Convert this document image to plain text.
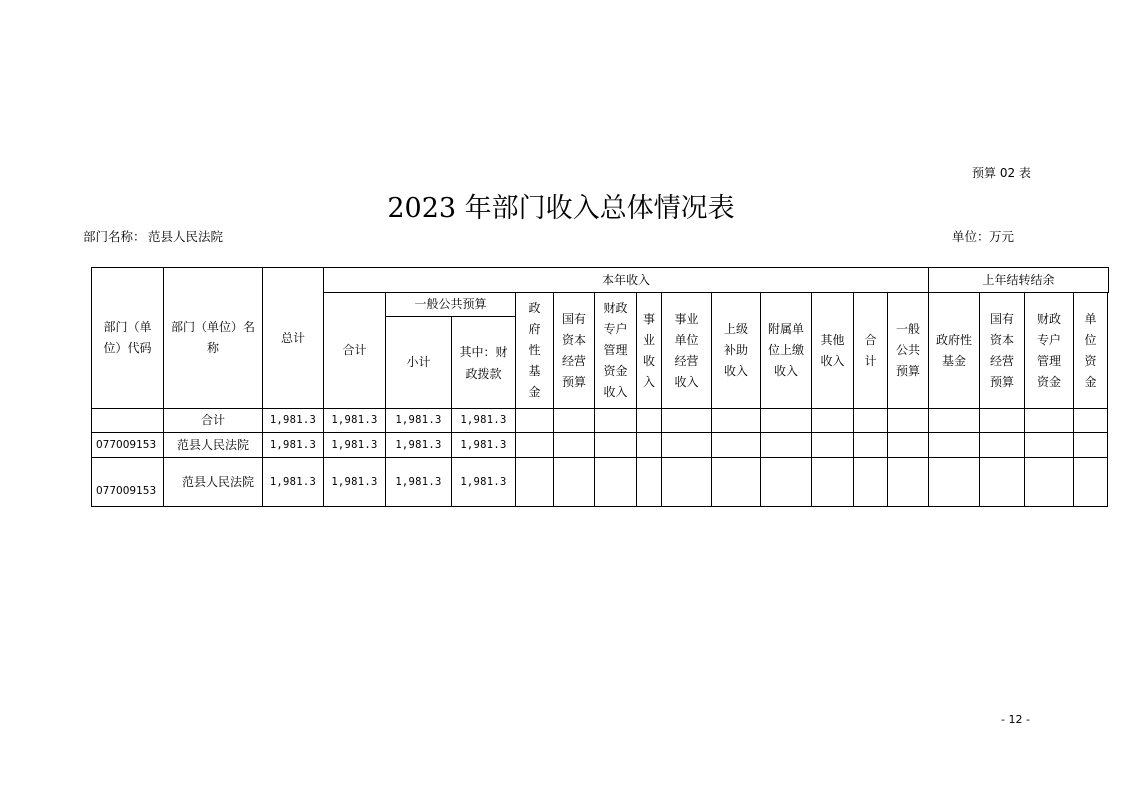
预算 02 表
2023 年部门收入总体情况表
部门名称： 范县人民法院	单位： 万元
部门（单位）代码	部门（单位）名称	总计	本年收入													上年结转结余			
			合计	一般公共预算		政府性基金	国有资本经营预算	财政专户管理资金收入	事业收入	事业单位经营收入	上级补助收入	附属单位上缴收入	其他收入	合计	一般公共预算	政府性基金	国有资本经营预算	财政专户管理资金	单位资金

				小计	其中：财政拨款														

	合计	1,981.3	1,981.3	1,981.3	1,981.3														
077009153	范县人民法院	1,981.3	1,981.3	1,981.3	1,981.3														
077009153	范县人民法院	1,981.3	1,981.3	1,981.3	1,981.3														
- 12 -
